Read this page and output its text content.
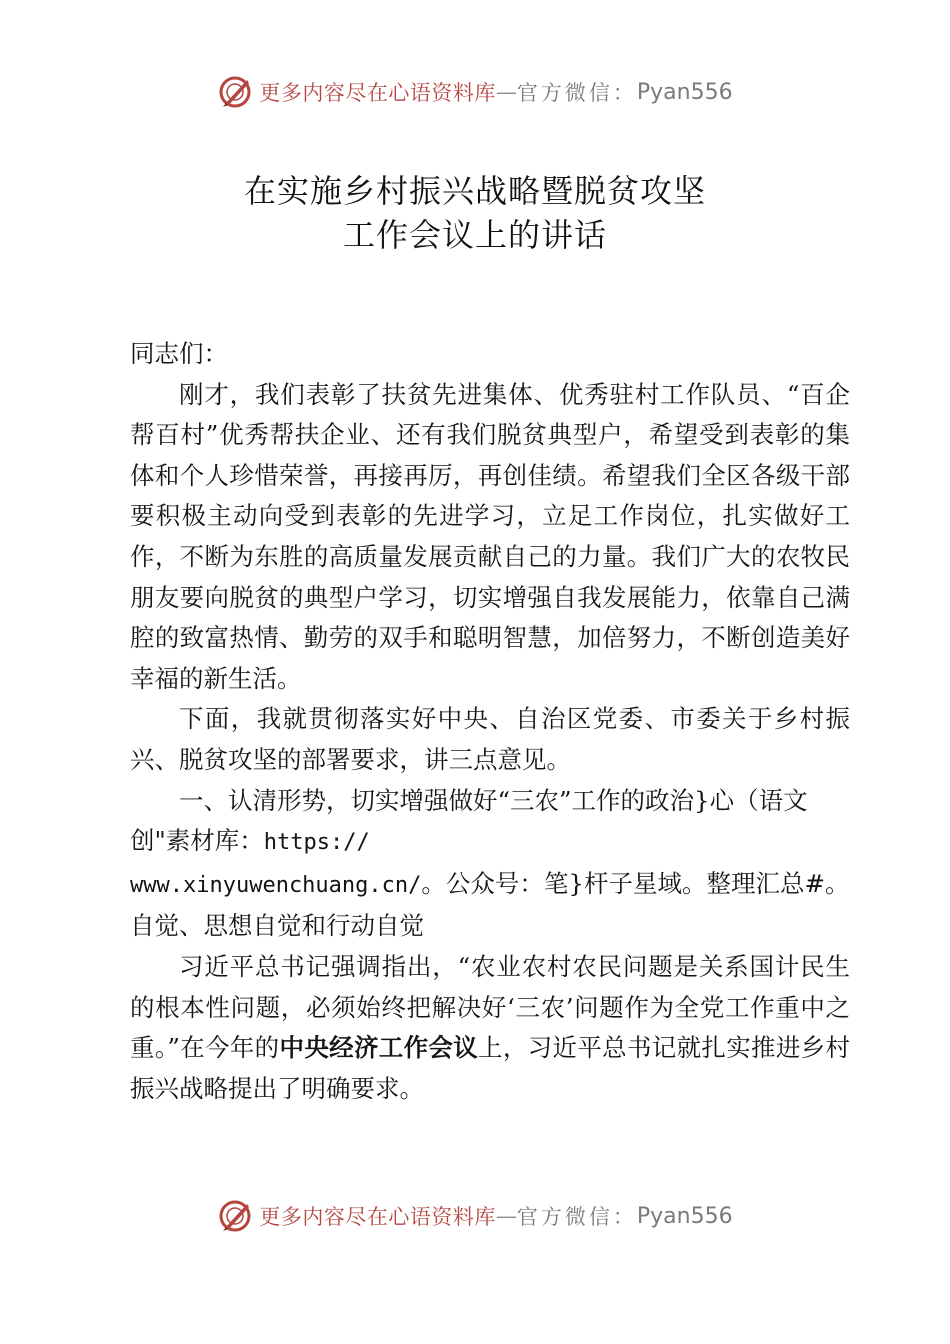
更多内容尽在心语资料库 — 官方微信： Pyan556
在实施乡村振兴战略暨脱贫攻坚
工作会议上的讲话

同志们：

刚才，我们表彰了扶贫先进集体、优秀驻村工作队员、“百企帮百村”优秀帮扶企业、还有我们脱贫典型户，希望受到表彰的集体和个人珍惜荣誉，再接再厉，再创佳绩。希望我们全区各级干部要积极主动向受到表彰的先进学习，立足工作岗位，扎实做好工作，不断为东胜的高质量发展贡献自己的力量。我们广大的农牧民朋友要向脱贫的典型户学习，切实增强自我发展能力，依靠自己满腔的致富热情、勤劳的双手和聪明智慧，加倍努力，不断创造美好幸福的新生活。

下面，我就贯彻落实好中央、自治区党委、市委关于乡村振兴、脱贫攻坚的部署要求，讲三点意见。

一、认清形势，切实增强做好“三农”工作的政治}心（语文创"素材库：https://
www.xinyuwenchuang.cn/。公众号：笔}杆子星域。整理汇总#。自觉、思想自觉和行动自觉

习近平总书记强调指出，“农业农村农民问题是关系国计民生的根本性问题，必须始终把解决好‘三农’问题作为全党工作重中之重。”在今年的中央经济工作会议上，习近平总书记就扎实推进乡村振兴战略提出了明确要求。

更多内容尽在心语资料库 — 官方微信： Pyan556
